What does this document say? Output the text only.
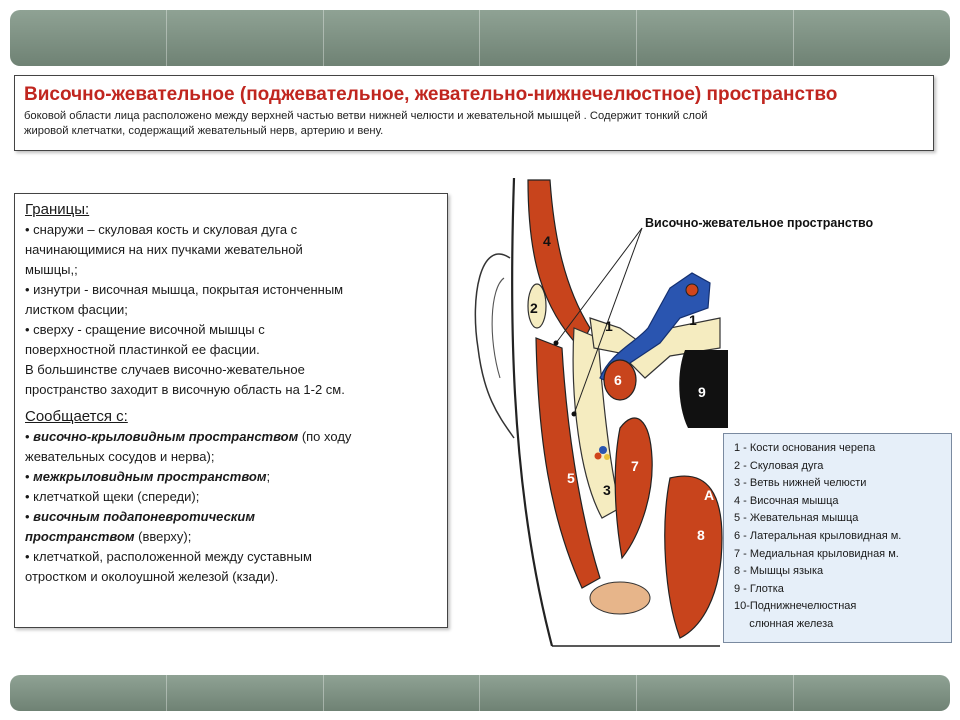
Височно-жевательное (поджевательное, жевательно-нижнечелюстное) пространство

боковой области лица расположено между верхней частью ветви нижней челюсти и жевательной мышцей . Содержит тонкий слой
жировой клетчатки, содержащий жевательный нерв, артерию и вену.

Границы:
• снаружи – скуловая кость и скуловая дуга с
начинающимися на них пучками жевательной
мышцы,;
• изнутри - височная мышца, покрытая истонченным
листком фасции;
• сверху - сращение височной мышцы с
поверхностной пластинкой ее фасции.
В большинстве случаев височно-жевательное
пространство заходит в височную область на 1-2 см.
Сообщается с:
• височно-крыловидным пространством (по ходу
жевательных сосудов и нерва);
• межкрыловидным пространством;
• клетчаткой щеки (спереди);
• височным подапоневротическим
пространством (вверху);
• клетчаткой, расположенной между суставным
отростком и околоушной железой (кзади).
Височно-жевательное пространство
4
2
1	1
6
9
5
3
7
8
A
1 - Кости основания черепа
2 - Скуловая дуга
3 - Ветвь нижней челюсти
4 - Височная мышца
5 - Жевательная мышца
6 - Латеральная крыловидная м.
7 - Медиальная крыловидная м.
8 - Мышцы языка
9 - Глотка
10-Поднижнечелюстная
слюнная железа
